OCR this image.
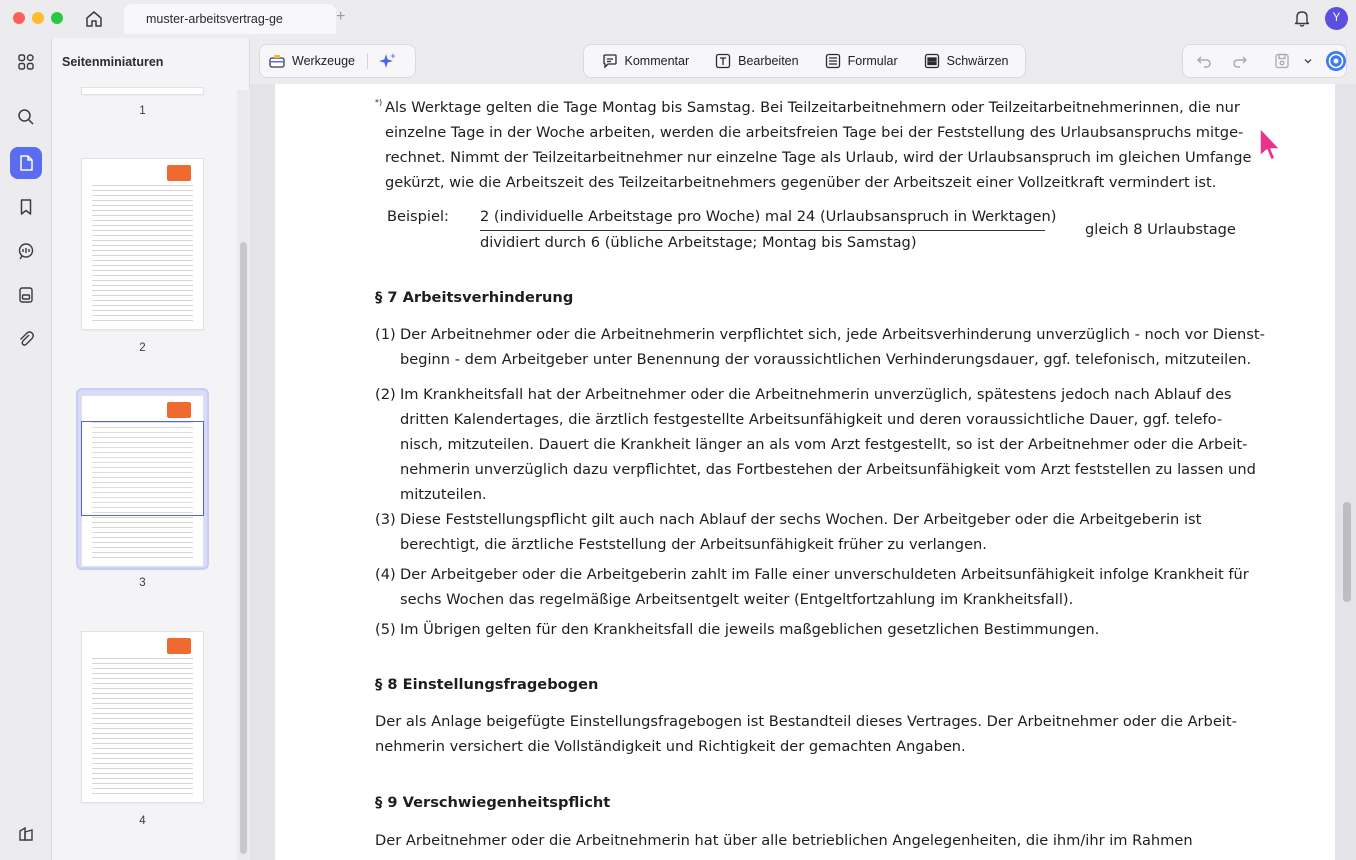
muster-arbeitsvertrag-ge	+	Y
Seitenminiaturen
1
2
3
4
Werkzeuge	Kommentar	Bearbeiten	Formular	Schwärzen
*) Als Werktage gelten die Tage Montag bis Samstag. Bei Teilzeitarbeitnehmern oder Teilzeitarbeitnehmerinnen, die nur
einzelne Tage in der Woche arbeiten, werden die arbeitsfreien Tage bei der Feststellung des Urlaubsanspruchs mitge-
rechnet. Nimmt der Teilzeitarbeitnehmer nur einzelne Tage als Urlaub, wird der Urlaubsanspruch im gleichen Umfange
gekürzt, wie die Arbeitszeit des Teilzeitarbeitnehmers gegenüber der Arbeitszeit einer Vollzeitkraft vermindert ist.
Beispiel: 2 (individuelle Arbeitstage pro Woche) mal 24 (Urlaubsanspruch in Werktagen)
dividiert durch 6 (übliche Arbeitstage; Montag bis Samstag)
gleich 8 Urlaubstage
§ 7 Arbeitsverhinderung
(1) Der Arbeitnehmer oder die Arbeitnehmerin verpflichtet sich, jede Arbeitsverhinderung unverzüglich - noch vor Dienst-
beginn - dem Arbeitgeber unter Benennung der voraussichtlichen Verhinderungsdauer, ggf. telefonisch, mitzuteilen.
(2) Im Krankheitsfall hat der Arbeitnehmer oder die Arbeitnehmerin unverzüglich, spätestens jedoch nach Ablauf des
dritten Kalendertages, die ärztlich festgestellte Arbeitsunfähigkeit und deren voraussichtliche Dauer, ggf. telefo-
nisch, mitzuteilen. Dauert die Krankheit länger an als vom Arzt festgestellt, so ist der Arbeitnehmer oder die Arbeit-
nehmerin unverzüglich dazu verpflichtet, das Fortbestehen der Arbeitsunfähigkeit vom Arzt feststellen zu lassen und
mitzuteilen.
(3) Diese Feststellungspflicht gilt auch nach Ablauf der sechs Wochen. Der Arbeitgeber oder die Arbeitgeberin ist
berechtigt, die ärztliche Feststellung der Arbeitsunfähigkeit früher zu verlangen.
(4) Der Arbeitgeber oder die Arbeitgeberin zahlt im Falle einer unverschuldeten Arbeitsunfähigkeit infolge Krankheit für
sechs Wochen das regelmäßige Arbeitsentgelt weiter (Entgeltfortzahlung im Krankheitsfall).
(5) Im Übrigen gelten für den Krankheitsfall die jeweils maßgeblichen gesetzlichen Bestimmungen.
§ 8 Einstellungsfragebogen
Der als Anlage beigefügte Einstellungsfragebogen ist Bestandteil dieses Vertrages. Der Arbeitnehmer oder die Arbeit-
nehmerin versichert die Vollständigkeit und Richtigkeit der gemachten Angaben.
§ 9 Verschwiegenheitspflicht
Der Arbeitnehmer oder die Arbeitnehmerin hat über alle betrieblichen Angelegenheiten, die ihm/ihr im Rahmen
